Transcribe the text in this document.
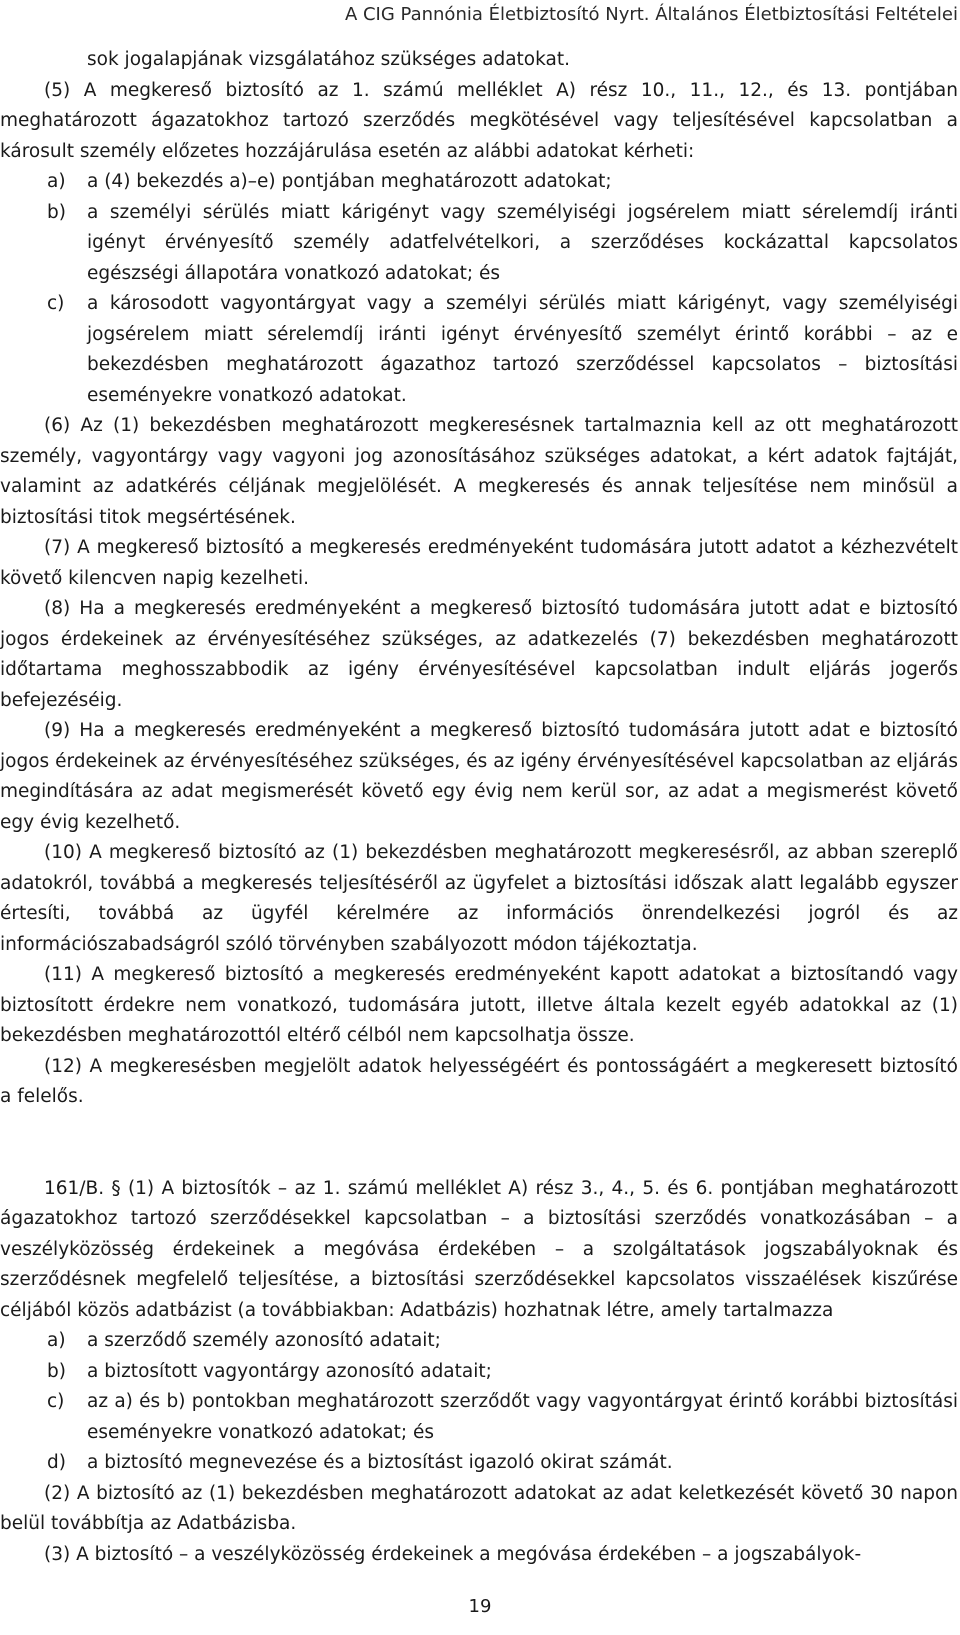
A CIG Pannónia Életbiztosító Nyrt. Általános Életbiztosítási Feltételei

sok jogalapjának vizsgálatához szükséges adatokat.

(5) A megkereső biztosító az 1. számú melléklet A) rész 10., 11., 12., és 13. pontjában meghatározott ágazatokhoz tartozó szerződés megkötésével vagy teljesítésével kapcsolatban a károsult személy előzetes hozzájárulása esetén az alábbi adatokat kérheti:

a) a (4) bekezdés a)–e) pontjában meghatározott adatokat;
b) a személyi sérülés miatt kárigényt vagy személyiségi jogsérelem miatt sérelemdíj iránti igényt érvényesítő személy adatfelvételkori, a szerződéses kockázattal kapcsolatos egészségi állapotára vonatkozó adatokat; és
c) a károsodott vagyontárgyat vagy a személyi sérülés miatt kárigényt, vagy személyiségi jogsérelem miatt sérelemdíj iránti igényt érvényesítő személyt érintő korábbi – az e bekezdésben meghatározott ágazathoz tartozó szerződéssel kapcsolatos – biztosítási eseményekre vonatkozó adatokat.

(6) Az (1) bekezdésben meghatározott megkeresésnek tartalmaznia kell az ott meghatározott személy, vagyontárgy vagy vagyoni jog azonosításához szükséges adatokat, a kért adatok fajtáját, valamint az adatkérés céljának megjelölését. A megkeresés és annak teljesítése nem minősül a biztosítási titok megsértésének.

(7) A megkereső biztosító a megkeresés eredményeként tudomására jutott adatot a kézhezvételt követő kilencven napig kezelheti.

(8) Ha a megkeresés eredményeként a megkereső biztosító tudomására jutott adat e biztosító jogos érdekeinek az érvényesítéséhez szükséges, az adatkezelés (7) bekezdésben meghatározott időtartama meghosszabbodik az igény érvényesítésével kapcsolatban indult eljárás jogerős befejezéséig.

(9) Ha a megkeresés eredményeként a megkereső biztosító tudomására jutott adat e biztosító jogos érdekeinek az érvényesítéséhez szükséges, és az igény érvényesítésével kapcsolatban az eljárás megindítására az adat megismerését követő egy évig nem kerül sor, az adat a megismerést követő egy évig kezelhető.

(10) A megkereső biztosító az (1) bekezdésben meghatározott megkeresésről, az abban szereplő adatokról, továbbá a megkeresés teljesítéséről az ügyfelet a biztosítási időszak alatt legalább egyszer értesíti, továbbá az ügyfél kérelmére az információs önrendelkezési jogról és az információszabadságról szóló törvényben szabályozott módon tájékoztatja.

(11) A megkereső biztosító a megkeresés eredményeként kapott adatokat a biztosítandó vagy biztosított érdekre nem vonatkozó, tudomására jutott, illetve általa kezelt egyéb adatokkal az (1) bekezdésben meghatározottól eltérő célból nem kapcsolhatja össze.

(12) A megkeresésben megjelölt adatok helyességéért és pontosságáért a megkeresett biztosító a felelős.

161/B. § (1) A biztosítók – az 1. számú melléklet A) rész 3., 4., 5. és 6. pontjában meghatározott ágazatokhoz tartozó szerződésekkel kapcsolatban – a biztosítási szerződés vonatkozásában – a veszélyközösség érdekeinek a megóvása érdekében – a szolgáltatások jogszabályoknak és szerződésnek megfelelő teljesítése, a biztosítási szerződésekkel kapcsolatos visszaélések kiszűrése céljából közös adatbázist (a továbbiakban: Adatbázis) hozhatnak létre, amely tartalmazza

a) a szerződő személy azonosító adatait;
b) a biztosított vagyontárgy azonosító adatait;
c) az a) és b) pontokban meghatározott szerződőt vagy vagyontárgyat érintő korábbi biztosítási eseményekre vonatkozó adatokat; és
d) a biztosító megnevezése és a biztosítást igazoló okirat számát.

(2) A biztosító az (1) bekezdésben meghatározott adatokat az adat keletkezését követő 30 napon belül továbbítja az Adatbázisba.

(3) A biztosító – a veszélyközösség érdekeinek a megóvása érdekében – a jogszabályok-

19
